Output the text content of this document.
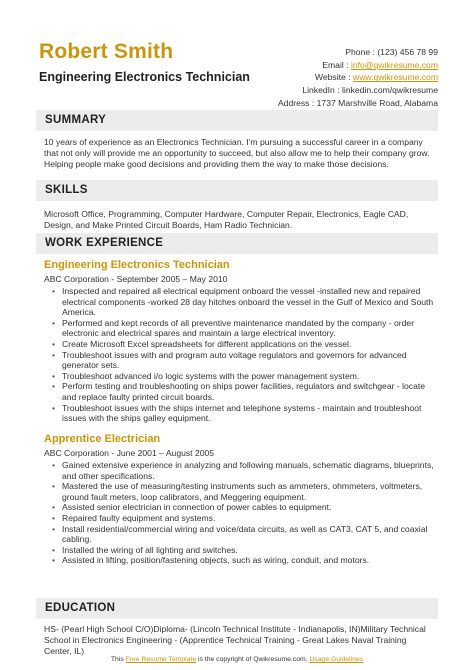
Robert Smith
Engineering Electronics Technician
Phone : (123) 456 78 99
Email : info@qwikresume.com
Website : www.qwikresume.com
LinkedIn : linkedin.com/qwikresume
Address : 1737 Marshville Road, Alabama
SUMMARY
10 years of experience as an Electronics Technician. I'm pursuing a successful career in a company that not only will provide me an opportunity to succeed, but also allow me to help their company grow. Helping people make good decisions and providing them the way to make those decisions.
SKILLS
Microsoft Office, Programming, Computer Hardware, Computer Repair, Electronics, Eagle CAD, Design, and Make Printed Circuit Boards, Ham Radio Technician.
WORK EXPERIENCE
Engineering Electronics Technician
ABC Corporation - September 2005 – May 2010
• Inspected and repaired all electrical equipment onboard the vessel -installed new and repaired electrical components -worked 28 day hitches onboard the vessel in the Gulf of Mexico and South America.
• Performed and kept records of all preventive maintenance mandated by the company - order electronic and electrical spares and maintain a large electrical inventory.
• Create Microsoft Excel spreadsheets for different applications on the vessel.
• Troubleshoot issues with and program auto voltage regulators and governors for advanced generator sets.
• Troubleshoot advanced i/o logic systems with the power management system.
• Perform testing and troubleshooting on ships power facilities, regulators and switchgear - locate and replace faulty printed circuit boards.
• Troubleshoot issues with the ships internet and telephone systems - maintain and troubleshoot issues with the ships galley equipment.
Apprentice Electrician
ABC Corporation - June 2001 – August 2005
• Gained extensive experience in analyzing and following manuals, schematic diagrams, blueprints, and other specifications.
• Mastered the use of measuring/testing instruments such as ammeters, ohmmeters, voltmeters, ground fault meters, loop calibrators, and Meggering equipment.
• Assisted senior electrician in connection of power cables to equipment.
• Repaired faulty equipment and systems.
• Install residential/commercial wiring and voice/data circuits, as well as CAT3, CAT 5, and coaxial cabling.
• Installed the wiring of all lighting and switches.
• Assisted in lifting, position/fastening objects, such as wiring, conduit, and motors.
EDUCATION
HS- (Pearl High School C/O)Diploma- (Lincoln Technical Institute - Indianapolis, IN)Military Technical School in Electronics Engineering - (Apprentice Technical Training - Great Lakes Naval Training Center, IL)
This Free Resume Template is the copyright of Qwikresume.com. Usage Guidelines
